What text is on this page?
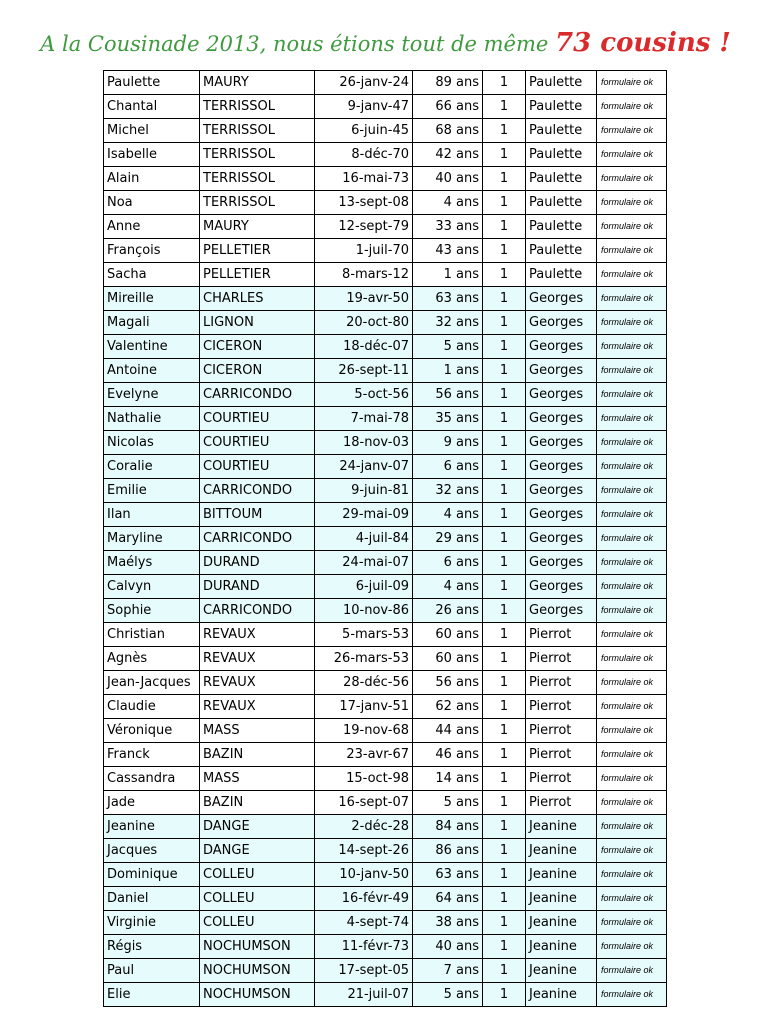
A la Cousinade 2013, nous étions tout de même 73 cousins !
Paulette	MAURY	26-janv-24	89 ans	1	Paulette	formulaire ok
Chantal	TERRISSOL	9-janv-47	66 ans	1	Paulette	formulaire ok
Michel	TERRISSOL	6-juin-45	68 ans	1	Paulette	formulaire ok
Isabelle	TERRISSOL	8-déc-70	42 ans	1	Paulette	formulaire ok
Alain	TERRISSOL	16-mai-73	40 ans	1	Paulette	formulaire ok
Noa	TERRISSOL	13-sept-08	4 ans	1	Paulette	formulaire ok
Anne	MAURY	12-sept-79	33 ans	1	Paulette	formulaire ok
François	PELLETIER	1-juil-70	43 ans	1	Paulette	formulaire ok
Sacha	PELLETIER	8-mars-12	1 ans	1	Paulette	formulaire ok
Mireille	CHARLES	19-avr-50	63 ans	1	Georges	formulaire ok
Magali	LIGNON	20-oct-80	32 ans	1	Georges	formulaire ok
Valentine	CICERON	18-déc-07	5 ans	1	Georges	formulaire ok
Antoine	CICERON	26-sept-11	1 ans	1	Georges	formulaire ok
Evelyne	CARRICONDO	5-oct-56	56 ans	1	Georges	formulaire ok
Nathalie	COURTIEU	7-mai-78	35 ans	1	Georges	formulaire ok
Nicolas	COURTIEU	18-nov-03	9 ans	1	Georges	formulaire ok
Coralie	COURTIEU	24-janv-07	6 ans	1	Georges	formulaire ok
Emilie	CARRICONDO	9-juin-81	32 ans	1	Georges	formulaire ok
Ilan	BITTOUM	29-mai-09	4 ans	1	Georges	formulaire ok
Maryline	CARRICONDO	4-juil-84	29 ans	1	Georges	formulaire ok
Maélys	DURAND	24-mai-07	6 ans	1	Georges	formulaire ok
Calvyn	DURAND	6-juil-09	4 ans	1	Georges	formulaire ok
Sophie	CARRICONDO	10-nov-86	26 ans	1	Georges	formulaire ok
Christian	REVAUX	5-mars-53	60 ans	1	Pierrot	formulaire ok
Agnès	REVAUX	26-mars-53	60 ans	1	Pierrot	formulaire ok
Jean-Jacques	REVAUX	28-déc-56	56 ans	1	Pierrot	formulaire ok
Claudie	REVAUX	17-janv-51	62 ans	1	Pierrot	formulaire ok
Véronique	MASS	19-nov-68	44 ans	1	Pierrot	formulaire ok
Franck	BAZIN	23-avr-67	46 ans	1	Pierrot	formulaire ok
Cassandra	MASS	15-oct-98	14 ans	1	Pierrot	formulaire ok
Jade	BAZIN	16-sept-07	5 ans	1	Pierrot	formulaire ok
Jeanine	DANGE	2-déc-28	84 ans	1	Jeanine	formulaire ok
Jacques	DANGE	14-sept-26	86 ans	1	Jeanine	formulaire ok
Dominique	COLLEU	10-janv-50	63 ans	1	Jeanine	formulaire ok
Daniel	COLLEU	16-févr-49	64 ans	1	Jeanine	formulaire ok
Virginie	COLLEU	4-sept-74	38 ans	1	Jeanine	formulaire ok
Régis	NOCHUMSON	11-févr-73	40 ans	1	Jeanine	formulaire ok
Paul	NOCHUMSON	17-sept-05	7 ans	1	Jeanine	formulaire ok
Elie	NOCHUMSON	21-juil-07	5 ans	1	Jeanine	formulaire ok
